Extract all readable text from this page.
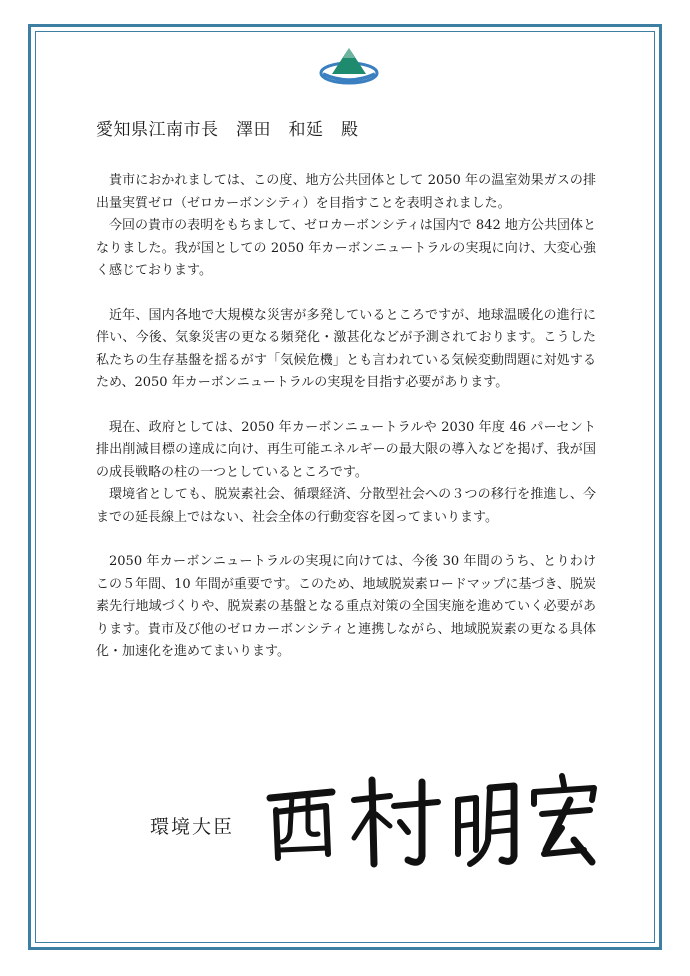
愛知県江南市長　澤田　和延　殿

貴市におかれましては、この度、地方公共団体として 2050 年の温室効果ガスの排出量実質ゼロ（ゼロカーボンシティ）を目指すことを表明されました。

今回の貴市の表明をもちまして、ゼロカーボンシティは国内で 842 地方公共団体となりました。我が国としての 2050 年カーボンニュートラルの実現に向け、大変心強く感じております。

近年、国内各地で大規模な災害が多発しているところですが、地球温暖化の進行に伴い、今後、気象災害の更なる頻発化・激甚化などが予測されております。こうした私たちの生存基盤を揺るがす「気候危機」とも言われている気候変動問題に対処するため、2050 年カーボンニュートラルの実現を目指す必要があります。

現在、政府としては、2050 年カーボンニュートラルや 2030 年度 46 パーセント排出削減目標の達成に向け、再生可能エネルギーの最大限の導入などを掲げ、我が国の成長戦略の柱の一つとしているところです。

環境省としても、脱炭素社会、循環経済、分散型社会への３つの移行を推進し、今までの延長線上ではない、社会全体の行動変容を図ってまいります。

2050 年カーボンニュートラルの実現に向けては、今後 30 年間のうち、とりわけこの５年間、10 年間が重要です。このため、地域脱炭素ロードマップに基づき、脱炭素先行地域づくりや、脱炭素の基盤となる重点対策の全国実施を進めていく必要があります。貴市及び他のゼロカーボンシティと連携しながら、地域脱炭素の更なる具体化・加速化を進めてまいります。

環境大臣
